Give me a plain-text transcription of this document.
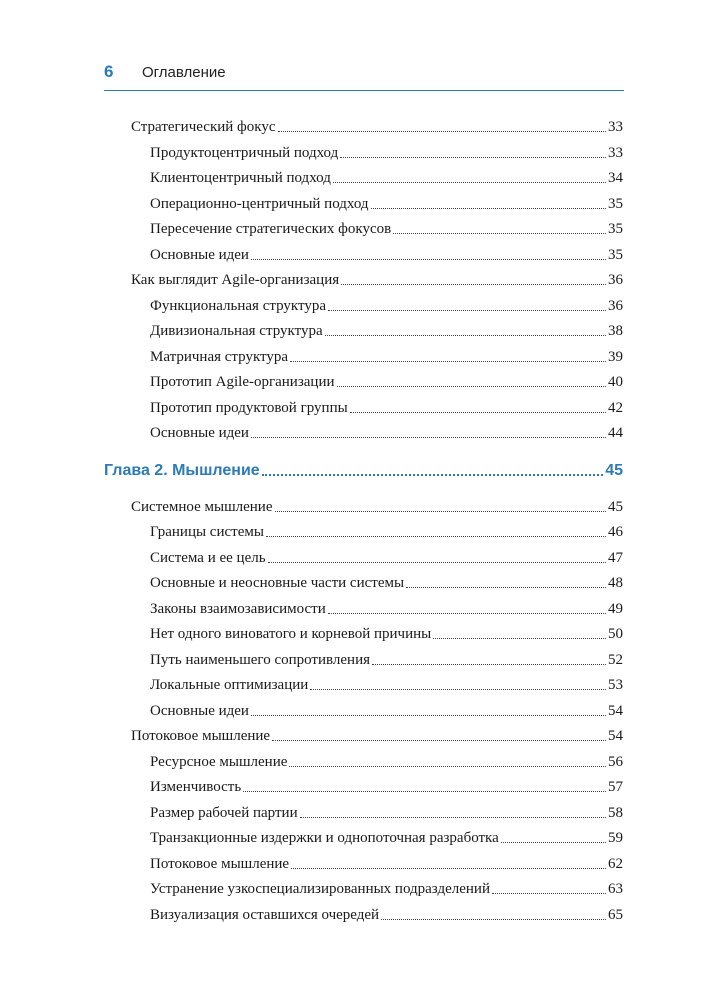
6 Оглавление
Стратегический фокус	33
Продуктоцентричный подход	33
Клиентоцентричный подход	34
Операционно-центричный подход	35
Пересечение стратегических фокусов	35
Основные идеи	35
Как выглядит Agile-организация	36
Функциональная структура	36
Дивизиональная структура	38
Матричная структура	39
Прототип Agile-организации	40
Прототип продуктовой группы	42
Основные идеи	44
Глава 2. Мышление	45
Системное мышление	45
Границы системы	46
Система и ее цель	47
Основные и неосновные части системы	48
Законы взаимозависимости	49
Нет одного виноватого и корневой причины	50
Путь наименьшего сопротивления	52
Локальные оптимизации	53
Основные идеи	54
Потоковое мышление	54
Ресурсное мышление	56
Изменчивость	57
Размер рабочей партии	58
Транзакционные издержки и однопоточная разработка	59
Потоковое мышление	62
Устранение узкоспециализированных подразделений	63
Визуализация оставшихся очередей	65
